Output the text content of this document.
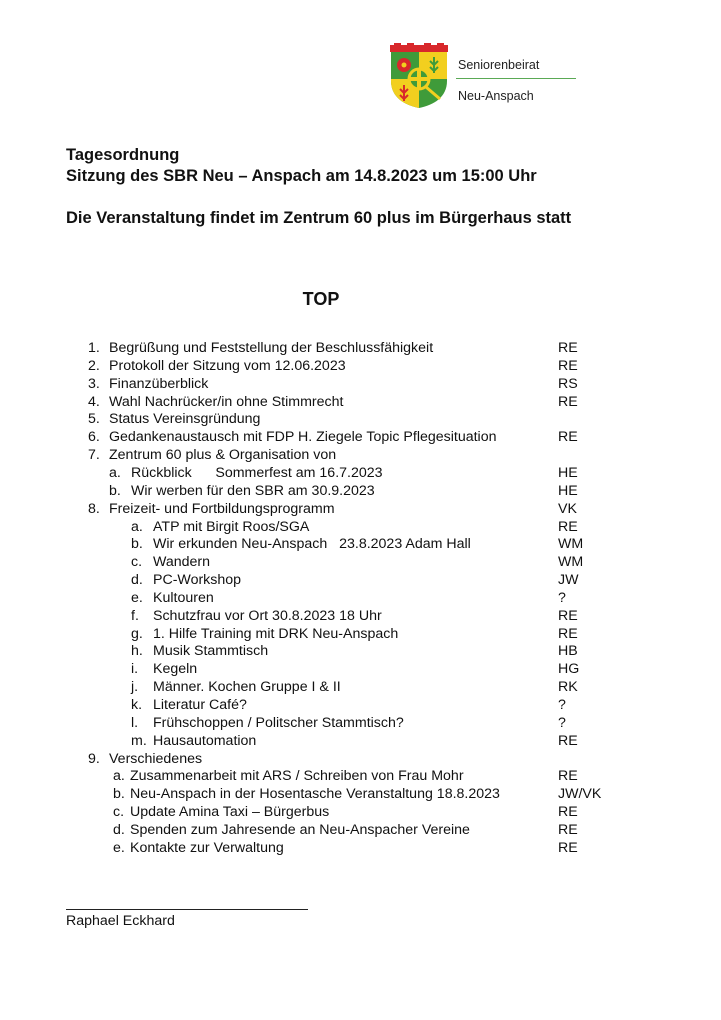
Seniorenbeirat
Neu-Anspach
Tagesordnung
Sitzung des SBR Neu – Anspach am 14.8.2023 um 15:00 Uhr
Die Veranstaltung findet im Zentrum 60 plus im Bürgerhaus statt
TOP
1. Begrüßung und Feststellung der Beschlussfähigkeit	RE
2. Protokoll der Sitzung vom 12.06.2023	RE
3. Finanzüberblick	RS
4. Wahl Nachrücker/in ohne Stimmrecht	RE
5. Status Vereinsgründung
6. Gedankenaustausch mit FDP H. Ziegele Topic Pflegesituation	RE
7. Zentrum 60 plus & Organisation von
a. Rückblick      Sommerfest am 16.7.2023	HE
b. Wir werben für den SBR am 30.9.2023	HE
8. Freizeit- und Fortbildungsprogramm	VK
a. ATP mit Birgit Roos/SGA	RE
b. Wir erkunden Neu-Anspach   23.8.2023 Adam Hall	WM
c. Wandern	WM
d. PC-Workshop	JW
e. Kultouren	?
f. Schutzfrau vor Ort 30.8.2023 18 Uhr	RE
g. 1. Hilfe Training mit DRK Neu-Anspach	RE
h. Musik Stammtisch	HB
i. Kegeln	HG
j. Männer. Kochen Gruppe I & II	RK
k. Literatur Café?	?
l. Frühschoppen / Politscher Stammtisch?	?
m. Hausautomation	RE
9. Verschiedenes
a. Zusammenarbeit mit ARS / Schreiben von Frau Mohr	RE
b. Neu-Anspach in der Hosentasche Veranstaltung 18.8.2023	JW/VK
c. Update Amina Taxi – Bürgerbus	RE
d. Spenden zum Jahresende an Neu-Anspacher Vereine	RE
e. Kontakte zur Verwaltung	RE
Raphael Eckhard
